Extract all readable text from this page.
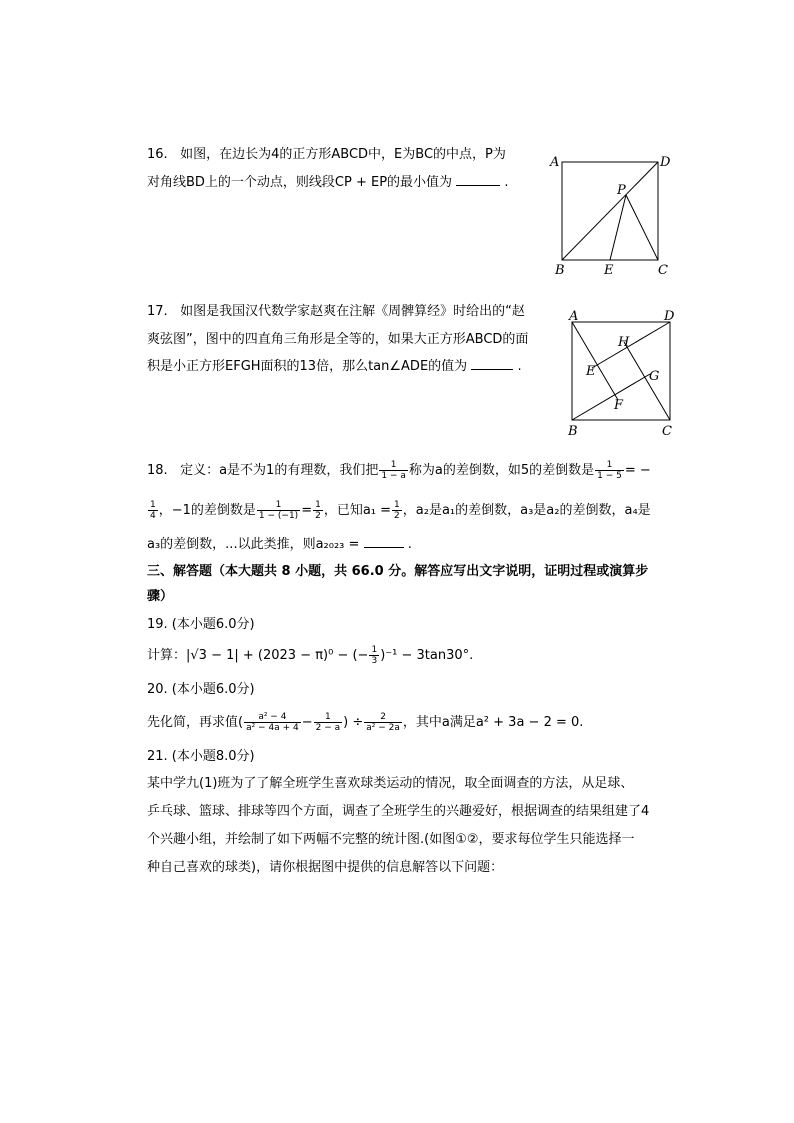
16. 如图，在边长为4的正方形ABCD中，E为BC的中点，P为
对角线BD上的一个动点，则线段CP + EP的最小值为	.
A	D
P
B	E	C
17. 如图是我国汉代数学家赵爽在注解《周髀算经》时给出的“赵
爽弦图”，图中的四直角三角形是全等的，如果大正方形ABCD的面
积是小正方形EFGH面积的13倍，那么tan∠ADE的值为	.
A	D
H
E	G
F
B	C
18. 定义：a是不为1的有理数，我们把 $\frac{1}{1 - a}$ 称为a的差倒数，如5的差倒数是 $\frac{1}{1 - 5}$ = −
$\frac{1}{4}$ ，−1的差倒数是 $\frac{1}{1 - (-1)} = \frac{1}{2}$ ，已知$a_1 = \frac{1}{2}$ ，a₂是a₁的差倒数，a₃是a₂的差倒数，a₄是
a₃的差倒数，...以此类推，则a₂₀₂₃ =	.
三、解答题（本大题共 8 小题，共 66.0 分。解答应写出文字说明，证明过程或演算步
骤）
19. (本小题6.0分)
计算：|√3 − 1| + (2023 − π)⁰ − (− $\frac{1}{3} )^{-1} - 3\tan 30^\circ$.
20. (本小题6.0分)
先化简，再求值( $\frac{\text{a² − 4}}{\text{a² − 4a + 4}} - \frac{1}{2 - a}$ ) ÷ $\frac{2}{\text{a² − 2a}}$ ，其中a满足a² + 3a − 2 = 0.
21. (本小题8.0分)
某中学九(1)班为了了解全班学生喜欢球类运动的情况，取全面调查的方法，从足球、
乒乓球、篮球、排球等四个方面，调查了全班学生的兴趣爱好，根据调查的结果组建了4
个兴趣小组，并绘制了如下两幅不完整的统计图.(如图①②，要求每位学生只能选择一
种自己喜欢的球类)，请你根据图中提供的信息解答以下问题：
